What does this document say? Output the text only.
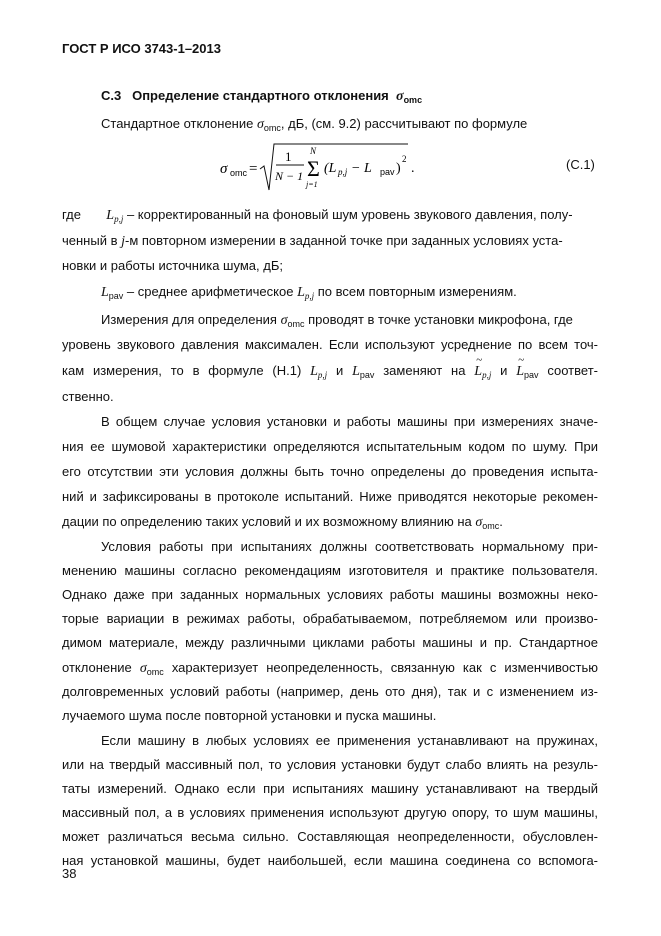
ГОСТ Р ИСО 3743-1–2013
С.3 Определение стандартного отклонения $\sigma_{omc}$
Стандартное отклонение $\sigma_{omc}$, дБ, (см. 9.2) рассчитывают по формуле
σ omc =
1
N − 1
N
Σ
j=1
(L p,j − L pav )
2
.	(С.1)
где $L_{p,j}$ – корректированный на фоновый шум уровень звукового давления, полу-
ченный в j-м повторном измерении в заданной точке при заданных условиях уста-
новки и работы источника шума, дБ;
$L_{pav}$ – среднее арифметическое $L_{p,j}$ по всем повторным измерениям.
Измерения для определения $\sigma_{omc}$ проводят в точке установки микрофона, где
уровень звукового давления максимален. Если используют усреднение по всем точ-
кам измерения, то в формуле (Н.1) $L_{p,j}$ и $L_{pav}$ заменяют на ~ $L_{p,j}$ и ~ $L_{pav}$ соответ-
ственно.
В общем случае условия установки и работы машины при измерениях значе-
ния ее шумовой характеристики определяются испытательным кодом по шуму. При
его отсутствии эти условия должны быть точно определены до проведения испыта-
ний и зафиксированы в протоколе испытаний. Ниже приводятся некоторые рекомен-
дации по определению таких условий и их возможному влиянию на $\sigma_{omc}$.
Условия работы при испытаниях должны соответствовать нормальному при-
менению машины согласно рекомендациям изготовителя и практике пользователя.
Однако даже при заданных нормальных условиях работы машины возможны неко-
торые вариации в режимах работы, обрабатываемом, потребляемом или произво-
димом материале, между различными циклами работы машины и пр. Стандартное
отклонение $\sigma_{omc}$ характеризует неопределенность, связанную как с изменчивостью
долговременных условий работы (например, день ото дня), так и с изменением из-
лучаемого шума после повторной установки и пуска машины.
Если машину в любых условиях ее применения устанавливают на пружинах,
или на твердый массивный пол, то условия установки будут слабо влиять на резуль-
таты измерений. Однако если при испытаниях машину устанавливают на твердый
массивный пол, а в условиях применения используют другую опору, то шум машины,
может различаться весьма сильно. Составляющая неопределенности, обусловлен-
ная установкой машины, будет наибольшей, если машина соединена со вспомога-
38
